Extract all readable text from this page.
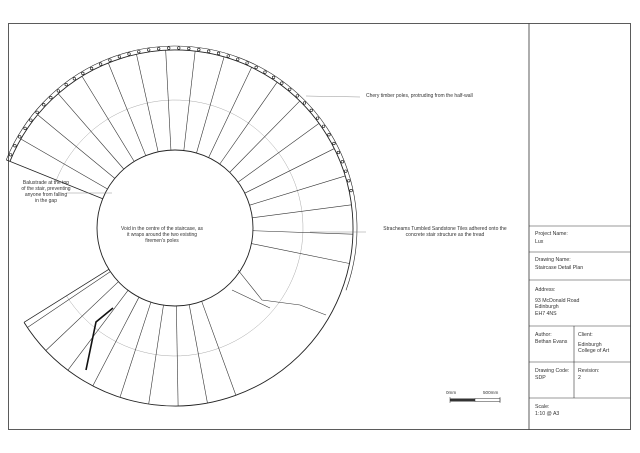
Chery timber poles, protruding from the half-wall
Balustrade at the top
of the stair, preventing
anyone from falling
in the gap
Void in the centre of the staircase, as
it wraps around the two existing
firemen's poles
Stracheams Tumbled Sandstone Tiles adhered onto the
concrete stair structure as the tread
0mm	500mm
Project Name:
Lux
Drawing Name:
Staircase Detail Plan
Address:
93 McDonald Road
Edinburgh
EH7 4NS
Author:
Bethan Evans
Client:
Edinburgh
College of Art
Drawing Code:
SDP
Revision:
2
Scale:
1:10 @ A3
